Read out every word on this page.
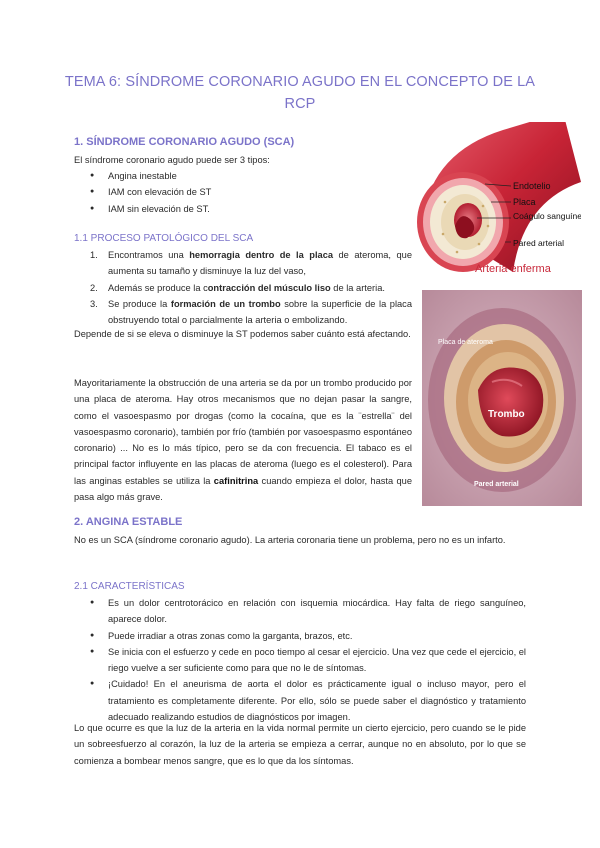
TEMA 6: SÍNDROME CORONARIO AGUDO EN EL CONCEPTO DE LA RCP
1. SÍNDROME CORONARIO AGUDO (SCA)

El síndrome coronario agudo puede ser 3 tipos:

● Angina inestable
● IAM con elevación de ST
● IAM sin elevación de ST.
1.1 PROCESO PATOLÓGICO DEL SCA
1. Encontramos una hemorragia dentro de la placa de ateroma, que aumenta su tamaño y disminuye la luz del vaso,
2. Además se produce la contracción del músculo liso de la arteria.
3. Se produce la formación de un trombo sobre la superficie de la placa obstruyendo total o parcialmente la arteria o embolizando.

Depende de si se eleva o disminuye la ST podemos saber cuánto está afectando.

Mayoritariamente la obstrucción de una arteria se da por un trombo producido por una placa de ateroma. Hay otros mecanismos que no dejan pasar la sangre, como el vasoespasmo por drogas (como la cocaína, que es la ¨estrella¨ del vasoespasmo coronario), también por frío (también por vasoespasmo espontáneo coronario) ... No es lo más típico, pero se da con frecuencia. El tabaco es el principal factor influyente en las placas de ateroma (luego es el colesterol). Para las anginas estables se utiliza la cafinitrina cuando empieza el dolor, hasta que pasa algo más grave.

2. ANGINA ESTABLE

No es un SCA (síndrome coronario agudo). La arteria coronaria tiene un problema, pero no es un infarto.

2.1 CARACTERÍSTICAS
● Es un dolor centrotorácico en relación con isquemia miocárdica. Hay falta de riego sanguíneo, aparece dolor.
● Puede irradiar a otras zonas como la garganta, brazos, etc.
● Se inicia con el esfuerzo y cede en poco tiempo al cesar el ejercicio. Una vez que cede el ejercicio, el riego vuelve a ser suficiente como para que no le de síntomas.
● ¡Cuidado! En el aneurisma de aorta el dolor es prácticamente igual o incluso mayor, pero el tratamiento es completamente diferente. Por ello, sólo se puede saber el diagnóstico y tratamiento adecuado realizando estudios de diagnósticos por imagen.

Lo que ocurre es que la luz de la arteria en la vida normal permite un cierto ejercicio, pero cuando se le pide un sobreesfuerzo al corazón, la luz de la arteria se empieza a cerrar, aunque no en absoluto, por lo que se comienza a bombear menos sangre, que es lo que da los síntomas.

Endotelio
Placa
Coágulo sanguíneo
Pared arterial
Arteria enferma
Placa de ateroma
Trombo
Pared arterial
